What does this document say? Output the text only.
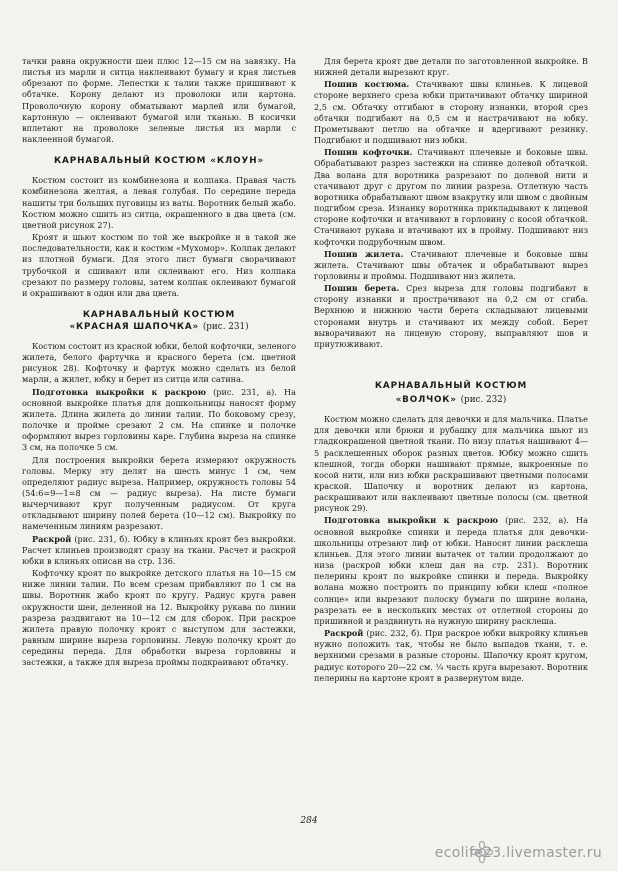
тачки равна окружности шеи плюс 12—15 см на завязку. На листья из марли и ситца наклеивают бумагу и края листьев обрезают по форме. Лепестки к талии также пришивают к обтачке. Корону делают из проволоки или картона. Проволочную корону обматывают марлей или бумагой, картонную — оклеивают бумагой или тканью. В косички вплетают на проволоке зеленые листья из марли с наклеенной бумагой.

КАРНАВАЛЬНЫЙ КОСТЮМ «КЛОУН»

Костюм состоит из комбинезона и колпака. Правая часть комбинезона желтая, а левая голубая. По середине переда нашиты три больших пуговицы из ваты. Воротник белый жабо. Костюм можно сшить из ситца, окрашенного в два цвета (см. цветной рисунок 27).

Кроят и шьют костюм по той же выкройке и в такой же последовательности, как и костюм «Мухомор». Колпак делают из плотной бумаги. Для этого лист бумаги сворачивают трубочкой и сшивают или склеивают его. Низ колпака срезают по размеру головы, затем колпак оклеивают бумагой и окрашивают в один или два цвета.

КАРНАВАЛЬНЫЙ КОСТЮМ
«КРАСНАЯ ШАПОЧКА» (рис. 231)

Костюм состоит из красной юбки, белой кофточки, зеленого жилета, белого фартучка и красного берета (см. цветной рисунок 28). Кофточку и фартук можно сделать из белой марли, а жилет, юбку и берет из ситца или сатина.

Подготовка выкройки к раскрою (рис. 231, а). На основной выкройке платья для дошкольницы наносят форму жилета. Длина жилета до линии талии. По боковому срезу, полочке и пройме срезают 2 см. На спинке и полочке оформляют вырез горловины каре. Глубина выреза на спинке 3 см, на полочке 5 см.

Для построения выкройки берета измеряют окружность головы. Мерку эту делят на шесть минус 1 см, чем определяют радиус выреза. Например, окружность головы 54 (54:6=9—1=8 см — радиус выреза). На листе бумаги вычерчивают круг полученным радиусом. От круга откладывают ширину полей берета (10—12 см). Выкройку по намеченным линиям разрезают.

Раскрой (рис. 231, б). Юбку в клиньях кроят без выкройки. Расчет клиньев производят сразу на ткани. Расчет и раскрой юбки в клиньях описан на стр. 136.

Кофточку кроят по выкройке детского платья на 10—15 см ниже линии талии. По всем срезам прибавляют по 1 см на швы. Воротник жабо кроят по кругу. Радиус круга равен окружности шеи, деленной на 12. Выкройку рукава по линии разреза раздвигают на 10—12 см для сборок. При раскрое жилета правую полочку кроят с выступом для застежки, равным ширине выреза горловины. Левую полочку кроят до середины переда. Для обработки выреза горловины и застежки, а также для выреза проймы подкраивают обтачку.

Для берета кроят две детали по заготовленной выкройке. В нижней детали вырезают круг.

Пошив костюма. Стачивают швы клиньев. К лицевой стороне верхнего среза юбки притачивают обтачку шириной 2,5 см. Обтачку отгибают в сторону изнанки, второй срез обтачки подгибают на 0,5 см и настрачивают на юбку. Прометывают петлю на обтачке и вдергивают резинку. Подгибают и подшивают низ юбки.

Пошив кофточки. Стачивают плечевые и боковые швы. Обрабатывают разрез застежки на спинке долевой обтачкой. Два волана для воротника разрезают по долевой нити и стачивают друг с другом по линии разреза. Отлетную часть воротника обрабатывают швом взакрутку или швом с двойным подгибом среза. Изнанку воротника прикладывают к лицевой стороне кофточки и втачивают в горловину с косой обтачкой. Стачивают рукава и втачивают их в пройму. Подшивают низ кофточки подрубочным швом.

Пошив жилета. Стачивают плечевые и боковые швы жилета. Стачивают швы обтачек и обрабатывают вырез горловины и проймы. Подшивают низ жилета.

Пошив берета. Срез выреза для головы подгибают в сторону изнанки и прострачивают на 0,2 см от сгиба. Верхнюю и нижнюю части берета складывают лицевыми сторонами внутрь и стачивают их между собой. Берет выворачивают на лицевую сторону, выправляют шов и приутюживают.

КАРНАВАЛЬНЫЙ КОСТЮМ
«ВОЛЧОК» (рис. 232)

Костюм можно сделать для девочки и для мальчика. Платье для девочки или брюки и рубашку для мальчика шьют из гладкокрашеной цветной ткани. По низу платья нашивают 4—5 расклешенных оборок разных цветов. Юбку можно сшить клешной, тогда оборки нашивают прямые, выкроенные по косой нити, или низ юбки раскрашивают цветными полосами краской. Шапочку и воротник делают из картона, раскрашивают или наклеивают цветные полосы (см. цветной рисунок 29).

Подготовка выкройки к раскрою (рис. 232, а). На основной выкройке спинки и переда платья для девочки-школьницы отрезают лиф от юбки. Наносят линии расклеша клиньев. Для этого линии вытачек от талии продолжают до низа (раскрой юбки клеш дан на стр. 231). Воротник пелерины кроят по выкройке спинки и переда. Выкройку волана можно построить по принципу юбки клеш «полное солнце» или вырезают полоску бумаги по ширине волана, разрезать ее в нескольких местах от отлетной стороны до пришивной и раздвинуть на нужную ширину расклеша.

Раскрой (рис. 232, б). При раскрое юбки выкройку клиньев нужно положить так, чтобы не было выпадов ткани, т. е. верхними срезами в разные стороны. Шапочку кроят кругом, радиус которого 20—22 см. ¼ часть круга вырезают. Воротник пелерины на картоне кроят в развернутом виде.

284
ecolife23.livemaster.ru
